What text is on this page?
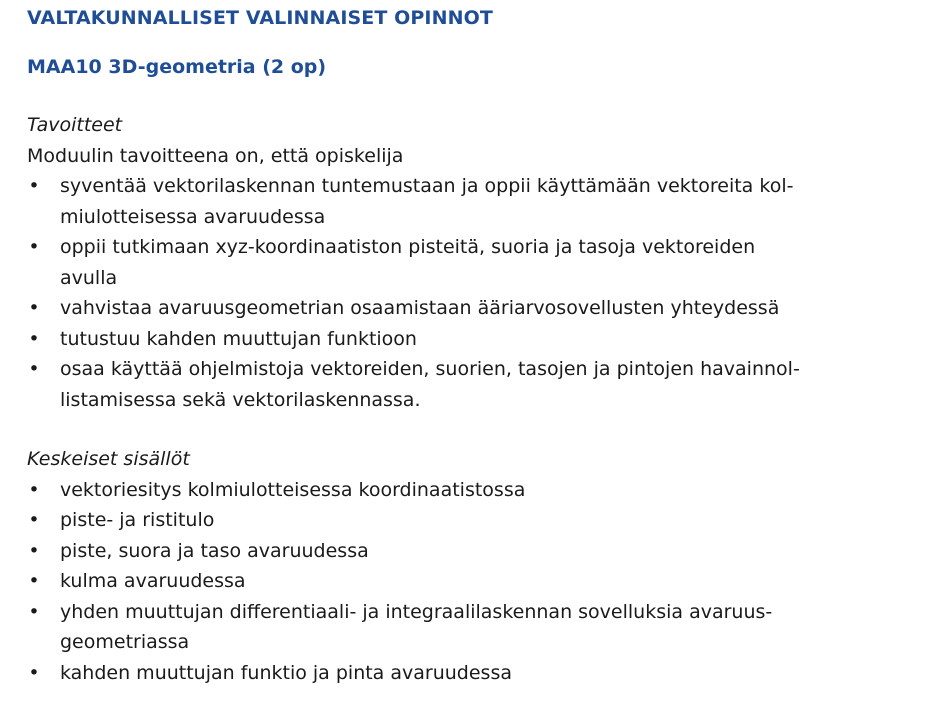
VALTAKUNNALLISET VALINNAISET OPINNOT
MAA10 3D-geometria (2 op)
Tavoitteet
Moduulin tavoitteena on, että opiskelija
• syventää vektorilaskennan tuntemustaan ja oppii käyttämään vektoreita kol-
miulotteisessa avaruudessa
• oppii tutkimaan xyz-koordinaatiston pisteitä, suoria ja tasoja vektoreiden
avulla
• vahvistaa avaruusgeometrian osaamistaan ääriarvosovellusten yhteydessä
• tutustuu kahden muuttujan funktioon
• osaa käyttää ohjelmistoja vektoreiden, suorien, tasojen ja pintojen havainnol-
listamisessa sekä vektorilaskennassa.
Keskeiset sisällöt
• vektoriesitys kolmiulotteisessa koordinaatistossa
• piste- ja ristitulo
• piste, suora ja taso avaruudessa
• kulma avaruudessa
• yhden muuttujan differentiaali- ja integraalilaskennan sovelluksia avaruus-
geometriassa
• kahden muuttujan funktio ja pinta avaruudessa
